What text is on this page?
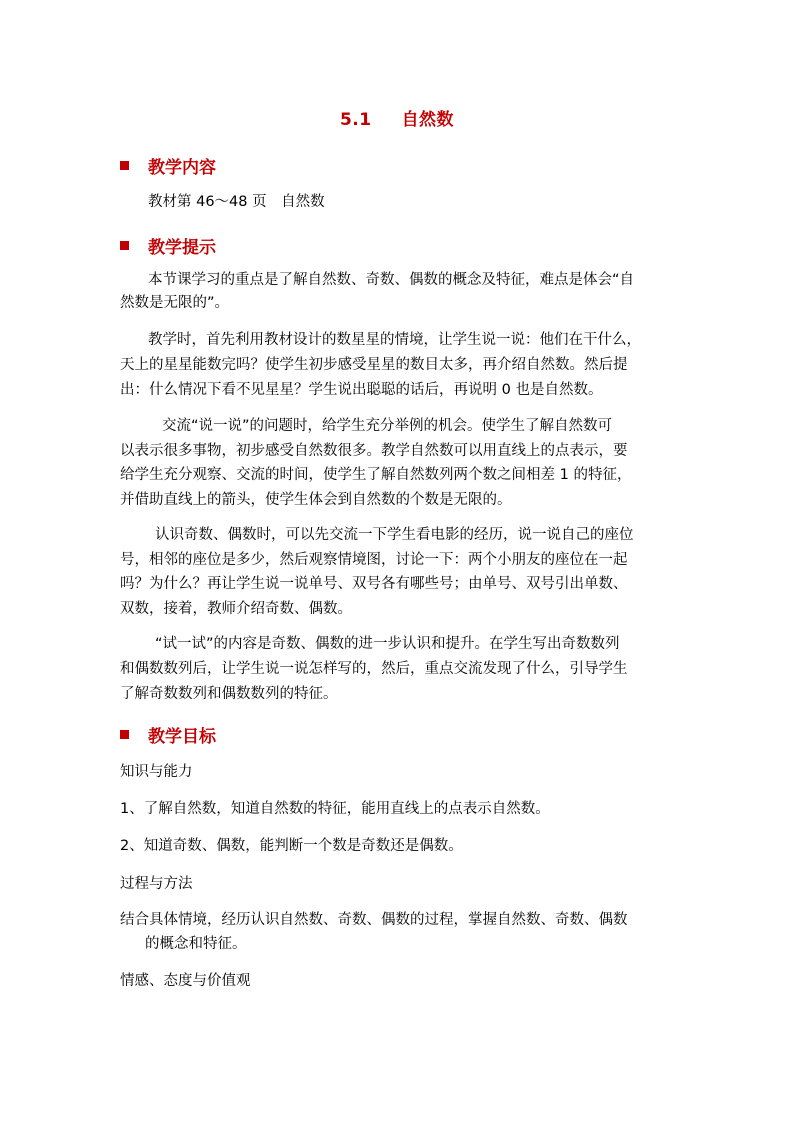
5.1 自然数
教学内容
教材第 46～48 页　自然数
教学提示
本节课学习的重点是了解自然数、奇数、偶数的概念及特征，难点是体会“自
然数是无限的”。
教学时，首先利用教材设计的数星星的情境，让学生说一说：他们在干什么，
天上的星星能数完吗？使学生初步感受星星的数目太多，再介绍自然数。然后提
出：什么情况下看不见星星？学生说出聪聪的话后，再说明 0 也是自然数。
交流“说一说”的问题时，给学生充分举例的机会。使学生了解自然数可
以表示很多事物，初步感受自然数很多。教学自然数可以用直线上的点表示，要
给学生充分观察、交流的时间，使学生了解自然数列两个数之间相差 1 的特征，
并借助直线上的箭头，使学生体会到自然数的个数是无限的。
认识奇数、偶数时，可以先交流一下学生看电影的经历，说一说自己的座位
号，相邻的座位是多少，然后观察情境图，讨论一下：两个小朋友的座位在一起
吗？为什么？再让学生说一说单号、双号各有哪些号；由单号、双号引出单数、
双数，接着，教师介绍奇数、偶数。
“试一试”的内容是奇数、偶数的进一步认识和提升。在学生写出奇数数列
和偶数数列后，让学生说一说怎样写的，然后，重点交流发现了什么，引导学生
了解奇数数列和偶数数列的特征。
教学目标
知识与能力
1、了解自然数，知道自然数的特征，能用直线上的点表示自然数。
2、知道奇数、偶数，能判断一个数是奇数还是偶数。
过程与方法
结合具体情境，经历认识自然数、奇数、偶数的过程，掌握自然数、奇数、偶数
的概念和特征。
情感、态度与价值观
